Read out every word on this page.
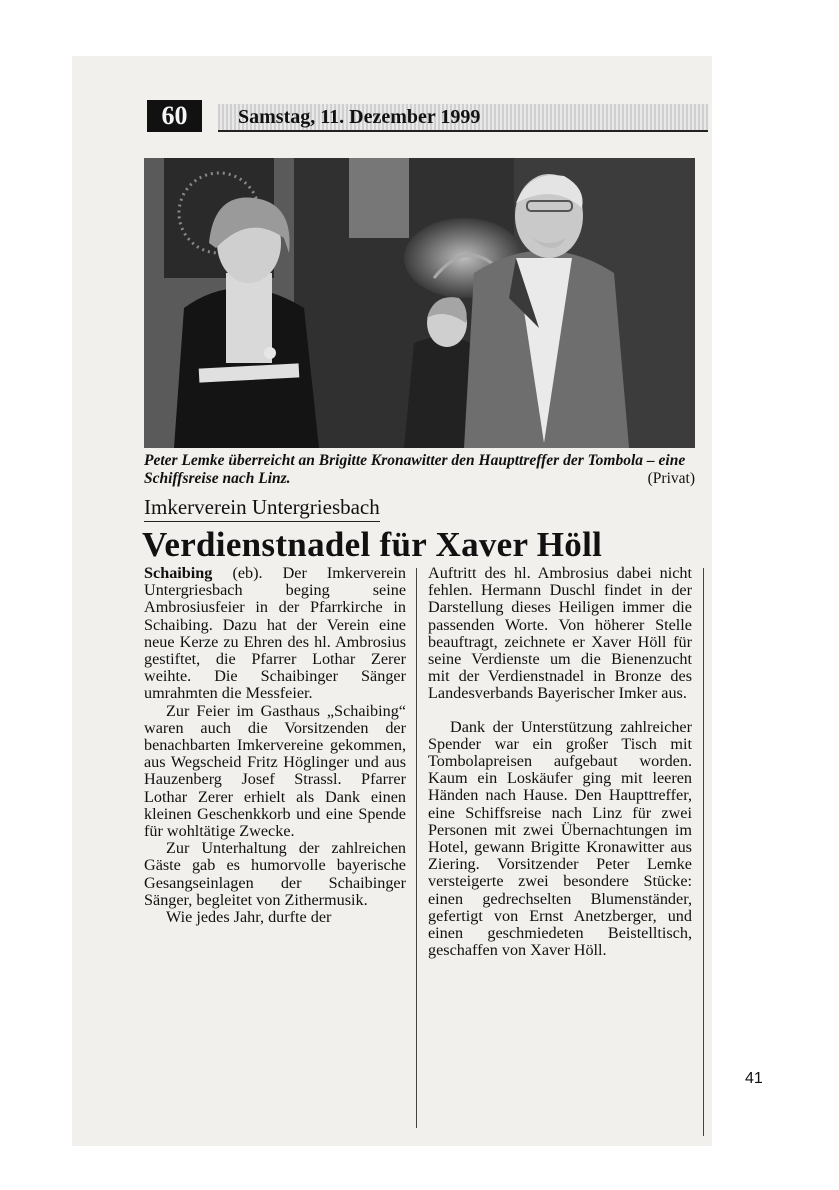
60	Samstag, 11. Dezember 1999
Peter Lemke überreicht an Brigitte Kronawitter den Haupttreffer der Tombola – eine Schiffsreise nach Linz.	(Privat)
Imkerverein Untergriesbach
Verdienstnadel für Xaver Höll

Schaibing (eb). Der Imkerverein Untergriesbach beging seine Ambrosiusfeier in der Pfarrkirche in Schaibing. Dazu hat der Verein eine neue Kerze zu Ehren des hl. Ambrosius gestiftet, die Pfarrer Lothar Zerer weihte. Die Schaibinger Sänger umrahmten die Messfeier.

Zur Feier im Gasthaus „Schaibing“ waren auch die Vorsitzenden der benachbarten Imkervereine gekommen, aus Wegscheid Fritz Höglinger und aus Hauzenberg Josef Strassl. Pfarrer Lothar Zerer erhielt als Dank einen kleinen Geschenkkorb und eine Spende für wohltätige Zwecke.

Zur Unterhaltung der zahlreichen Gäste gab es humorvolle bayerische Gesangseinlagen der Schaibinger Sänger, begleitet von Zithermusik.

Wie jedes Jahr, durfte der

Auftritt des hl. Ambrosius dabei nicht fehlen. Hermann Duschl findet in der Darstellung dieses Heiligen immer die passenden Worte. Von höherer Stelle beauftragt, zeichnete er Xaver Höll für seine Verdienste um die Bienenzucht mit der Verdienstnadel in Bronze des Landesverbands Bayerischer Imker aus.

Dank der Unterstützung zahlreicher Spender war ein großer Tisch mit Tombolapreisen aufgebaut worden. Kaum ein Loskäufer ging mit leeren Händen nach Hause. Den Haupttreffer, eine Schiffsreise nach Linz für zwei Personen mit zwei Übernachtungen im Hotel, gewann Brigitte Kronawitter aus Ziering. Vorsitzender Peter Lemke versteigerte zwei besondere Stücke: einen gedrechselten Blumenständer, gefertigt von Ernst Anetzberger, und einen geschmiedeten Beistelltisch, geschaffen von Xaver Höll.

41
